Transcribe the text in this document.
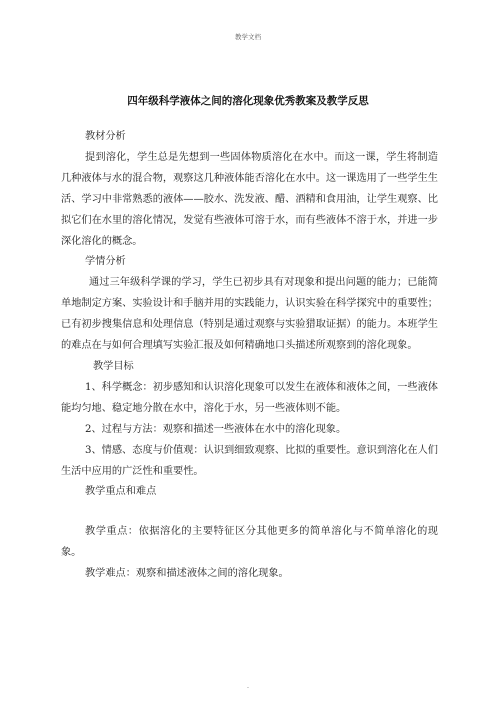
教学文档
四年级科学液体之间的溶化现象优秀教案及教学反思

教材分析

提到溶化，学生总是先想到一些固体物质溶化在水中。而这一课，学生将制造几种液体与水的混合物，观察这几种液体能否溶化在水中。这一课选用了一些学生生活、学习中非常熟悉的液体——胶水、洗发液、醋、酒精和食用油，让学生观察、比拟它们在水里的溶化情况，发觉有些液体可溶于水，而有些液体不溶于水，并进一步深化溶化的概念。

学情分析

通过三年级科学课的学习，学生已初步具有对现象和提出问题的能力；已能简单地制定方案、实验设计和手脑并用的实践能力，认识实验在科学探究中的重要性；已有初步搜集信息和处理信息（特别是通过观察与实验猎取证据）的能力。本班学生的难点在与如何合理填写实验汇报及如何精确地口头描述所观察到的溶化现象。

教学目标

1、科学概念：初步感知和认识溶化现象可以发生在液体和液体之间，一些液体能均匀地、稳定地分散在水中，溶化于水，另一些液体则不能。

2、过程与方法：观察和描述一些液体在水中的溶化现象。

3、情感、态度与价值观：认识到细致观察、比拟的重要性。意识到溶化在人们生活中应用的广泛性和重要性。

教学重点和难点

教学重点：依据溶化的主要特征区分其他更多的简单溶化与不简单溶化的现象。

教学难点：观察和描述液体之间的溶化现象。

.
